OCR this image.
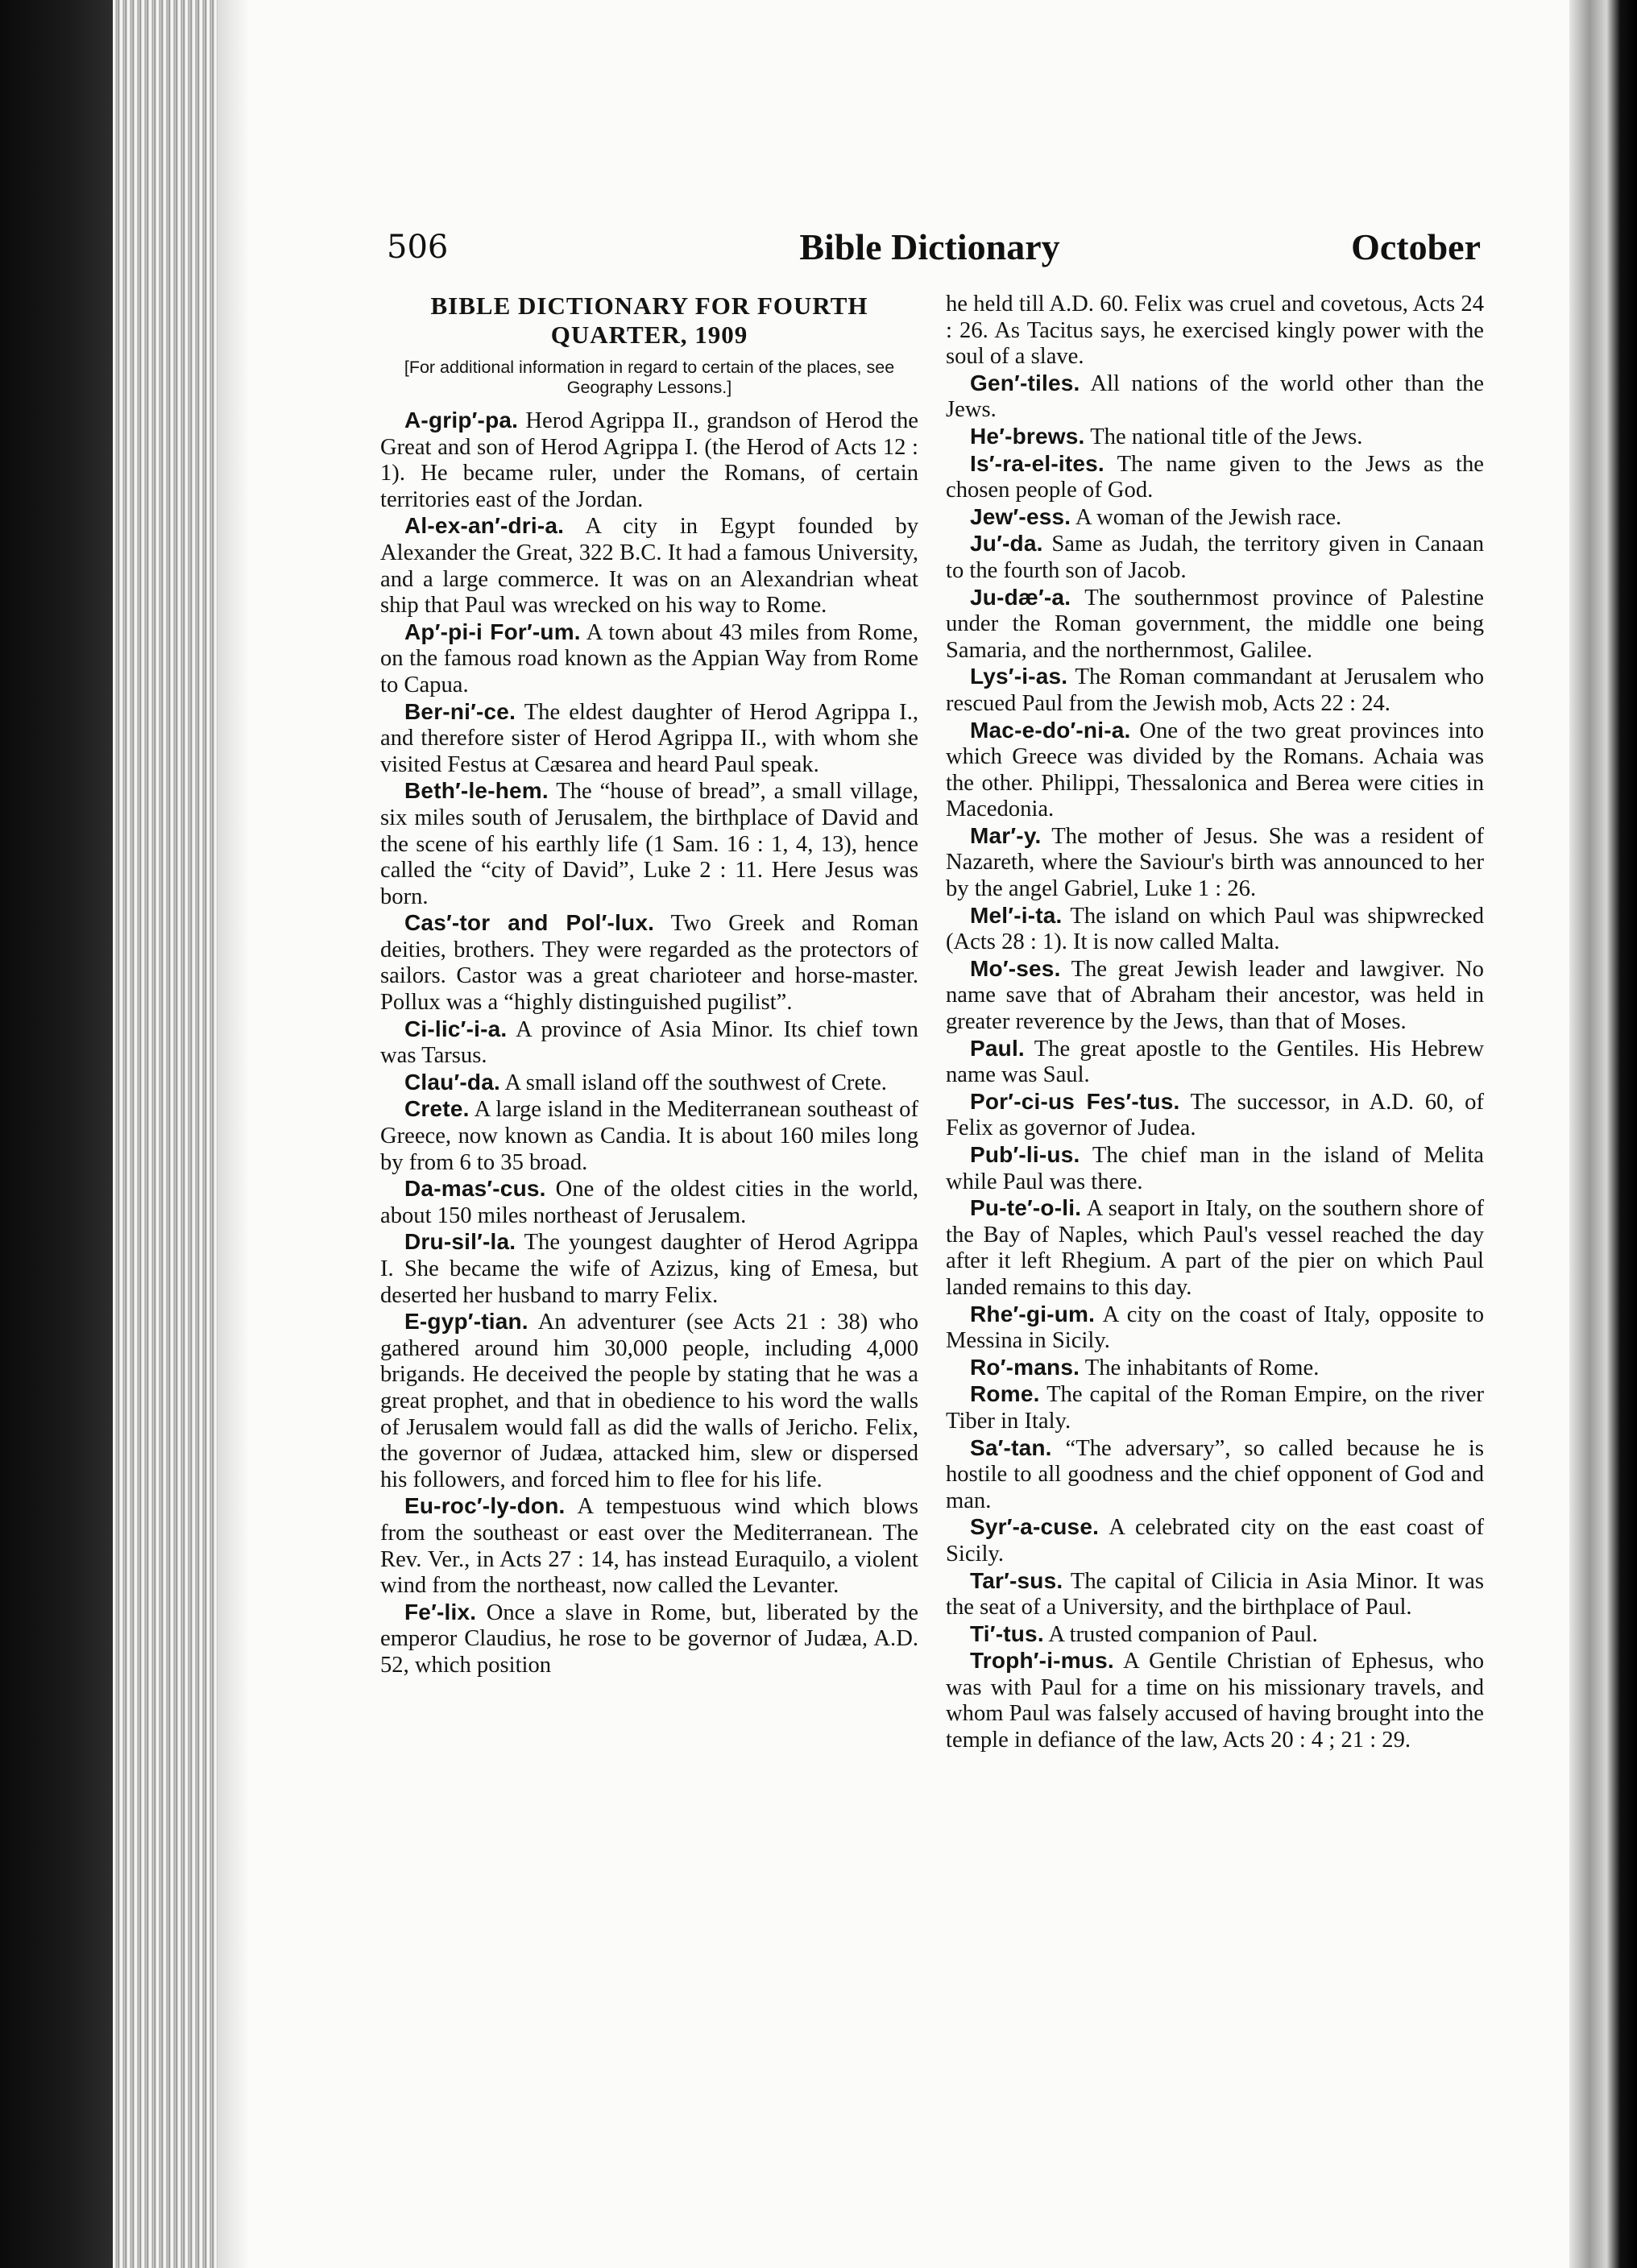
506	Bible Dictionary	October
BIBLE DICTIONARY FOR FOURTH
QUARTER, 1909

[For additional information in regard to certain of the places, see Geography Lessons.]

A-grip′-pa. Herod Agrippa II., grandson of Herod the Great and son of Herod Agrippa I. (the Herod of Acts 12 : 1). He became ruler, under the Romans, of certain territories east of the Jordan.

Al-ex-an′-dri-a. A city in Egypt founded by Alexander the Great, 322 B.C. It had a famous University, and a large commerce. It was on an Alexandrian wheat ship that Paul was wrecked on his way to Rome.

Ap′-pi-i For′-um. A town about 43 miles from Rome, on the famous road known as the Appian Way from Rome to Capua.

Ber-ni′-ce. The eldest daughter of Herod Agrippa I., and therefore sister of Herod Agrippa II., with whom she visited Festus at Cæsarea and heard Paul speak.

Beth′-le-hem. The “house of bread”, a small village, six miles south of Jerusalem, the birthplace of David and the scene of his earthly life (1 Sam. 16 : 1, 4, 13), hence called the “city of David”, Luke 2 : 11. Here Jesus was born.

Cas′-tor and Pol′-lux. Two Greek and Roman deities, brothers. They were regarded as the protectors of sailors. Castor was a great charioteer and horse-master. Pollux was a “highly distinguished pugilist”.

Ci-lic′-i-a. A province of Asia Minor. Its chief town was Tarsus.

Clau′-da. A small island off the southwest of Crete.

Crete. A large island in the Mediterranean southeast of Greece, now known as Candia. It is about 160 miles long by from 6 to 35 broad.

Da-mas′-cus. One of the oldest cities in the world, about 150 miles northeast of Jerusalem.

Dru-sil′-la. The youngest daughter of Herod Agrippa I. She became the wife of Azizus, king of Emesa, but deserted her husband to marry Felix.

E-gyp′-tian. An adventurer (see Acts 21 : 38) who gathered around him 30,000 people, including 4,000 brigands. He deceived the people by stating that he was a great prophet, and that in obedience to his word the walls of Jerusalem would fall as did the walls of Jericho. Felix, the governor of Judæa, attacked him, slew or dispersed his followers, and forced him to flee for his life.

Eu-roc′-ly-don. A tempestuous wind which blows from the southeast or east over the Mediterranean. The Rev. Ver., in Acts 27 : 14, has instead Euraquilo, a violent wind from the northeast, now called the Levanter.

Fe′-lix. Once a slave in Rome, but, liberated by the emperor Claudius, he rose to be governor of Judæa, A.D. 52, which position

he held till A.D. 60. Felix was cruel and covetous, Acts 24 : 26. As Tacitus says, he exercised kingly power with the soul of a slave.

Gen′-tiles. All nations of the world other than the Jews.

He′-brews. The national title of the Jews.

Is′-ra-el-ites. The name given to the Jews as the chosen people of God.

Jew′-ess. A woman of the Jewish race.

Ju′-da. Same as Judah, the territory given in Canaan to the fourth son of Jacob.

Ju-dæ′-a. The southernmost province of Palestine under the Roman government, the middle one being Samaria, and the northernmost, Galilee.

Lys′-i-as. The Roman commandant at Jerusalem who rescued Paul from the Jewish mob, Acts 22 : 24.

Mac-e-do′-ni-a. One of the two great provinces into which Greece was divided by the Romans. Achaia was the other. Philippi, Thessalonica and Berea were cities in Macedonia.

Mar′-y. The mother of Jesus. She was a resident of Nazareth, where the Saviour's birth was announced to her by the angel Gabriel, Luke 1 : 26.

Mel′-i-ta. The island on which Paul was shipwrecked (Acts 28 : 1). It is now called Malta.

Mo′-ses. The great Jewish leader and lawgiver. No name save that of Abraham their ancestor, was held in greater reverence by the Jews, than that of Moses.

Paul. The great apostle to the Gentiles. His Hebrew name was Saul.

Por′-ci-us Fes′-tus. The successor, in A.D. 60, of Felix as governor of Judea.

Pub′-li-us. The chief man in the island of Melita while Paul was there.

Pu-te′-o-li. A seaport in Italy, on the southern shore of the Bay of Naples, which Paul's vessel reached the day after it left Rhegium. A part of the pier on which Paul landed remains to this day.

Rhe′-gi-um. A city on the coast of Italy, opposite to Messina in Sicily.

Ro′-mans. The inhabitants of Rome.

Rome. The capital of the Roman Empire, on the river Tiber in Italy.

Sa′-tan. “The adversary”, so called because he is hostile to all goodness and the chief opponent of God and man.

Syr′-a-cuse. A celebrated city on the east coast of Sicily.

Tar′-sus. The capital of Cilicia in Asia Minor. It was the seat of a University, and the birthplace of Paul.

Ti′-tus. A trusted companion of Paul.

Troph′-i-mus. A Gentile Christian of Ephesus, who was with Paul for a time on his missionary travels, and whom Paul was falsely accused of having brought into the temple in defiance of the law, Acts 20 : 4 ; 21 : 29.
